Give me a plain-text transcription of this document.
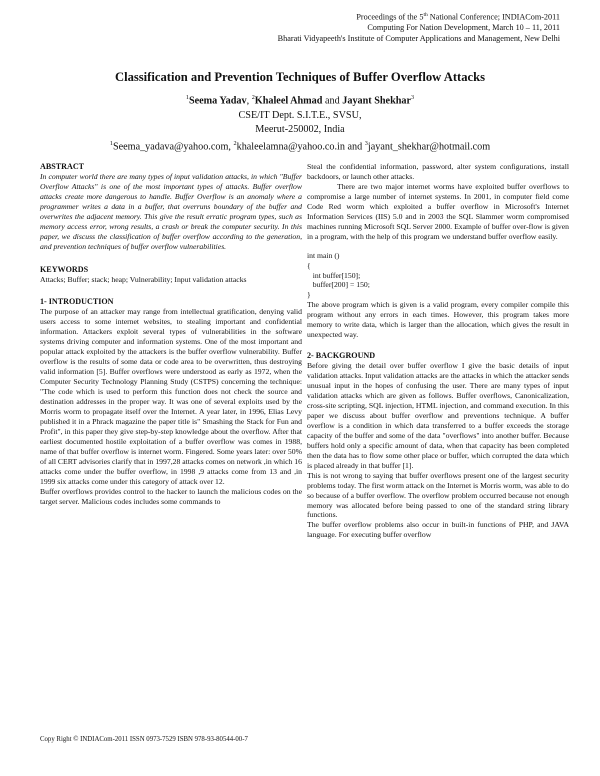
Proceedings of the 5th National Conference; INDIACom-2011
Computing For Nation Development, March 10 – 11, 2011
Bharati Vidyapeeth's Institute of Computer Applications and Management, New Delhi
Classification and Prevention Techniques of Buffer Overflow Attacks
$^1$Seema Yadav, $^2$Khaleel Ahmad and Jayant Shekhar$^3$
CSE/IT Dept. S.I.T.E., SVSU,
Meerut-250002, India
$^1$Seema_yadava@yahoo.com, $^2$khaleelamna@yahoo.co.in and $^3$jayant_shekhar@hotmail.com

ABSTRACT

In computer world there are many types of input validation attacks, in which "Buffer Overflow Attacks" is one of the most important types of attacks. Buffer overflow attacks create more dangerous to handle. Buffer Overflow is an anomaly where a programmer writes a data in a buffer, that overruns boundary of the buffer and overwrites the adjacent memory. This give the result erratic program types, such as memory access error, wrong results, a crash or break the computer security. In this paper, we discuss the classification of buffer overflow according to the generation, and prevention techniques of buffer overflow vulnerabilities.

KEYWORDS

Attacks; Buffer; stack; heap; Vulnerability; Input validation attacks

1- INTRODUCTION

The purpose of an attacker may range from intellectual gratification, denying valid users access to some internet websites, to stealing important and confidential information. Attackers exploit several types of vulnerabilities in the software systems driving computer and information systems. One of the most important and popular attack exploited by the attackers is the buffer overflow vulnerability. Buffer overflow is the results of some data or code area to be overwritten, thus destroying valid information [5]. Buffer overflows were understood as early as 1972, when the Computer Security Technology Planning Study (CSTPS) concerning the technique: "The code which is used to perform this function does not check the source and destination addresses in the proper way. It was one of several exploits used by the Morris worm to propagate itself over the Internet. A year later, in 1996, Elias Levy published it in a Phrack magazine the paper title is" Smashing the Stack for Fun and Profit", in this paper they give step-by-step knowledge about the overflow. After that earliest documented hostile exploitation of a buffer overflow was comes in 1988, name of that buffer overflow is internet worm. Fingered. Some years later: over 50% of all CERT advisories clarify that in 1997,28 attacks comes on network ,in which 16 attacks come under the buffer overflow, in 1998 ,9 attacks come from 13 and ,in 1999 six attacks come under this category of attack over 12.

Buffer overflows provides control to the hacker to launch the malicious codes on the target server. Malicious codes includes some commands to

Steal the confidential information, password, alter system configurations, install backdoors, or launch other attacks.

There are two major internet worms have exploited buffer overflows to compromise a large number of internet systems. In 2001, in computer field come Code Red worm which exploited a buffer overflow in Microsoft's Internet Information Services (IIS) 5.0 and in 2003 the SQL Slammer worm compromised machines running Microsoft SQL Server 2000. Example of buffer over-flow is given in a program, with the help of this program we understand buffer overflow easily.

int main ()
{
int buffer[150];
buffer[200] = 150;
}

The above program which is given is a valid program, every compiler compile this program without any errors in each times. However, this program takes more memory to write data, which is larger than the allocation, which gives the result in unexpected way.

2- BACKGROUND

Before giving the detail over buffer overflow I give the basic details of input validation attacks. Input validation attacks are the attacks in which the attacker sends unusual input in the hopes of confusing the user. There are many types of input validation attacks which are given as follows. Buffer overflows, Canonicalization, cross-site scripting, SQL injection, HTML injection, and command execution. In this paper we discuss about buffer overflow and preventions technique. A buffer overflow is a condition in which data transferred to a buffer exceeds the storage capacity of the buffer and some of the data "overflows" into another buffer. Because buffers hold only a specific amount of data, when that capacity has been completed then the data has to flow some other place or buffer, which corrupted the data which is placed already in that buffer [1].

This is not wrong to saying that buffer overflows present one of the largest security problems today. The first worm attack on the Internet is Morris worm, was able to do so because of a buffer overflow. The overflow problem occurred because not enough memory was allocated before being passed to one of the standard string library functions.

The buffer overflow problems also occur in built-in functions of PHP, and JAVA language. For executing buffer overflow

Copy Right © INDIACom-2011 ISSN 0973-7529 ISBN 978-93-80544-00-7
